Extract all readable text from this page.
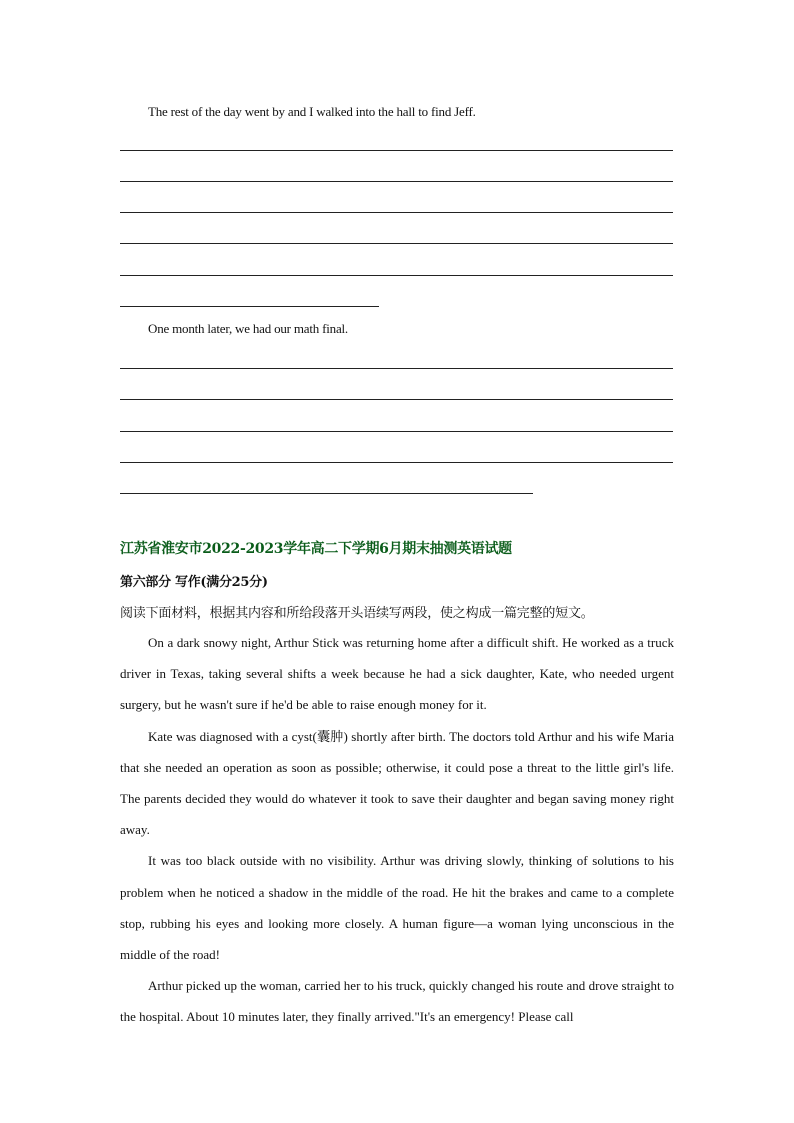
The rest of the day went by and I walked into the hall to find Jeff.
One month later, we had our math final.
江苏省淮安市2022-2023学年高二下学期6月期末抽测英语试题
第六部分 写作(满分25分)
阅读下面材料，根据其内容和所给段落开头语续写两段，使之构成一篇完整的短文。

On a dark snowy night, Arthur Stick was returning home after a difficult shift. He worked as a truck driver in Texas, taking several shifts a week because he had a sick daughter, Kate, who needed urgent surgery, but he wasn't sure if he'd be able to raise enough money for it.

Kate was diagnosed with a cyst(囊肿) shortly after birth. The doctors told Arthur and his wife Maria that she needed an operation as soon as possible; otherwise, it could pose a threat to the little girl's life. The parents decided they would do whatever it took to save their daughter and began saving money right away.

It was too black outside with no visibility. Arthur was driving slowly, thinking of solutions to his problem when he noticed a shadow in the middle of the road. He hit the brakes and came to a complete stop, rubbing his eyes and looking more closely. A human figure—a woman lying unconscious in the middle of the road!

Arthur picked up the woman, carried her to his truck, quickly changed his route and drove straight to the hospital. About 10 minutes later, they finally arrived."It's an emergency! Please call
